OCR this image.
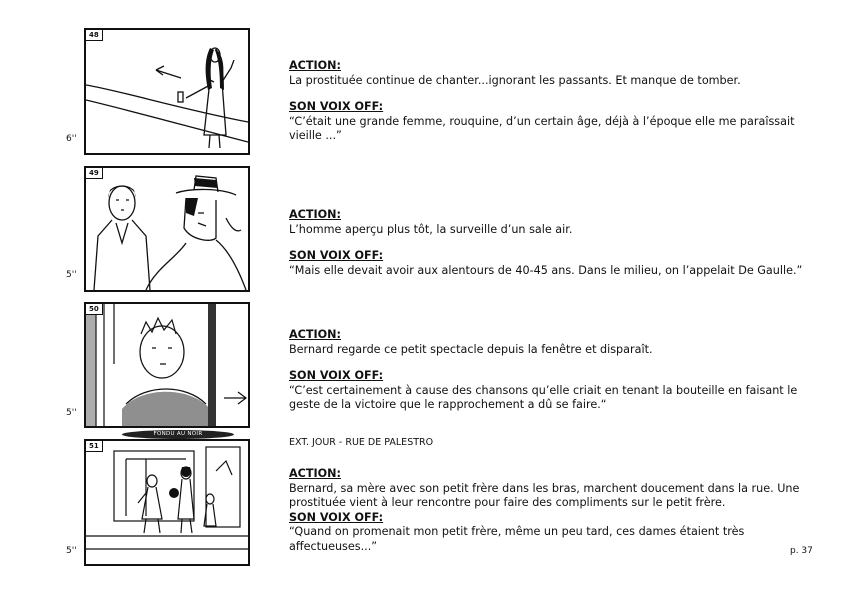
48
6''
49
5''
50
5''
FONDU AU NOIR
51
5''
ACTION:
La prostituée continue de chanter...ignorant les passants. Et manque de tomber.
SON VOIX OFF:
“C’était une grande femme, rouquine, d’un certain âge, déjà à l’époque elle me paraîssait vieille ...”
ACTION:
L’homme aperçu plus tôt, la surveille d’un sale air.
SON VOIX OFF:
“Mais elle devait avoir aux alentours de 40-45 ans. Dans le milieu, on l’appelait De Gaulle.”
ACTION:
Bernard regarde ce petit spectacle depuis la fenêtre et disparaît.
SON VOIX OFF:
“C’est certainement à cause des chansons qu’elle criait en tenant la bouteille en faisant le geste de la victoire que le rapprochement a dû se faire.“
EXT. JOUR - RUE DE PALESTRO
ACTION:
Bernard, sa mère avec son petit frère dans les bras, marchent doucement dans la rue. Une prostituée vient à leur rencontre pour faire des compliments sur le petit frère.
SON VOIX OFF:
“Quand on promenait mon petit frère, même un peu tard, ces dames étaient très affectueuses...”	p. 37
